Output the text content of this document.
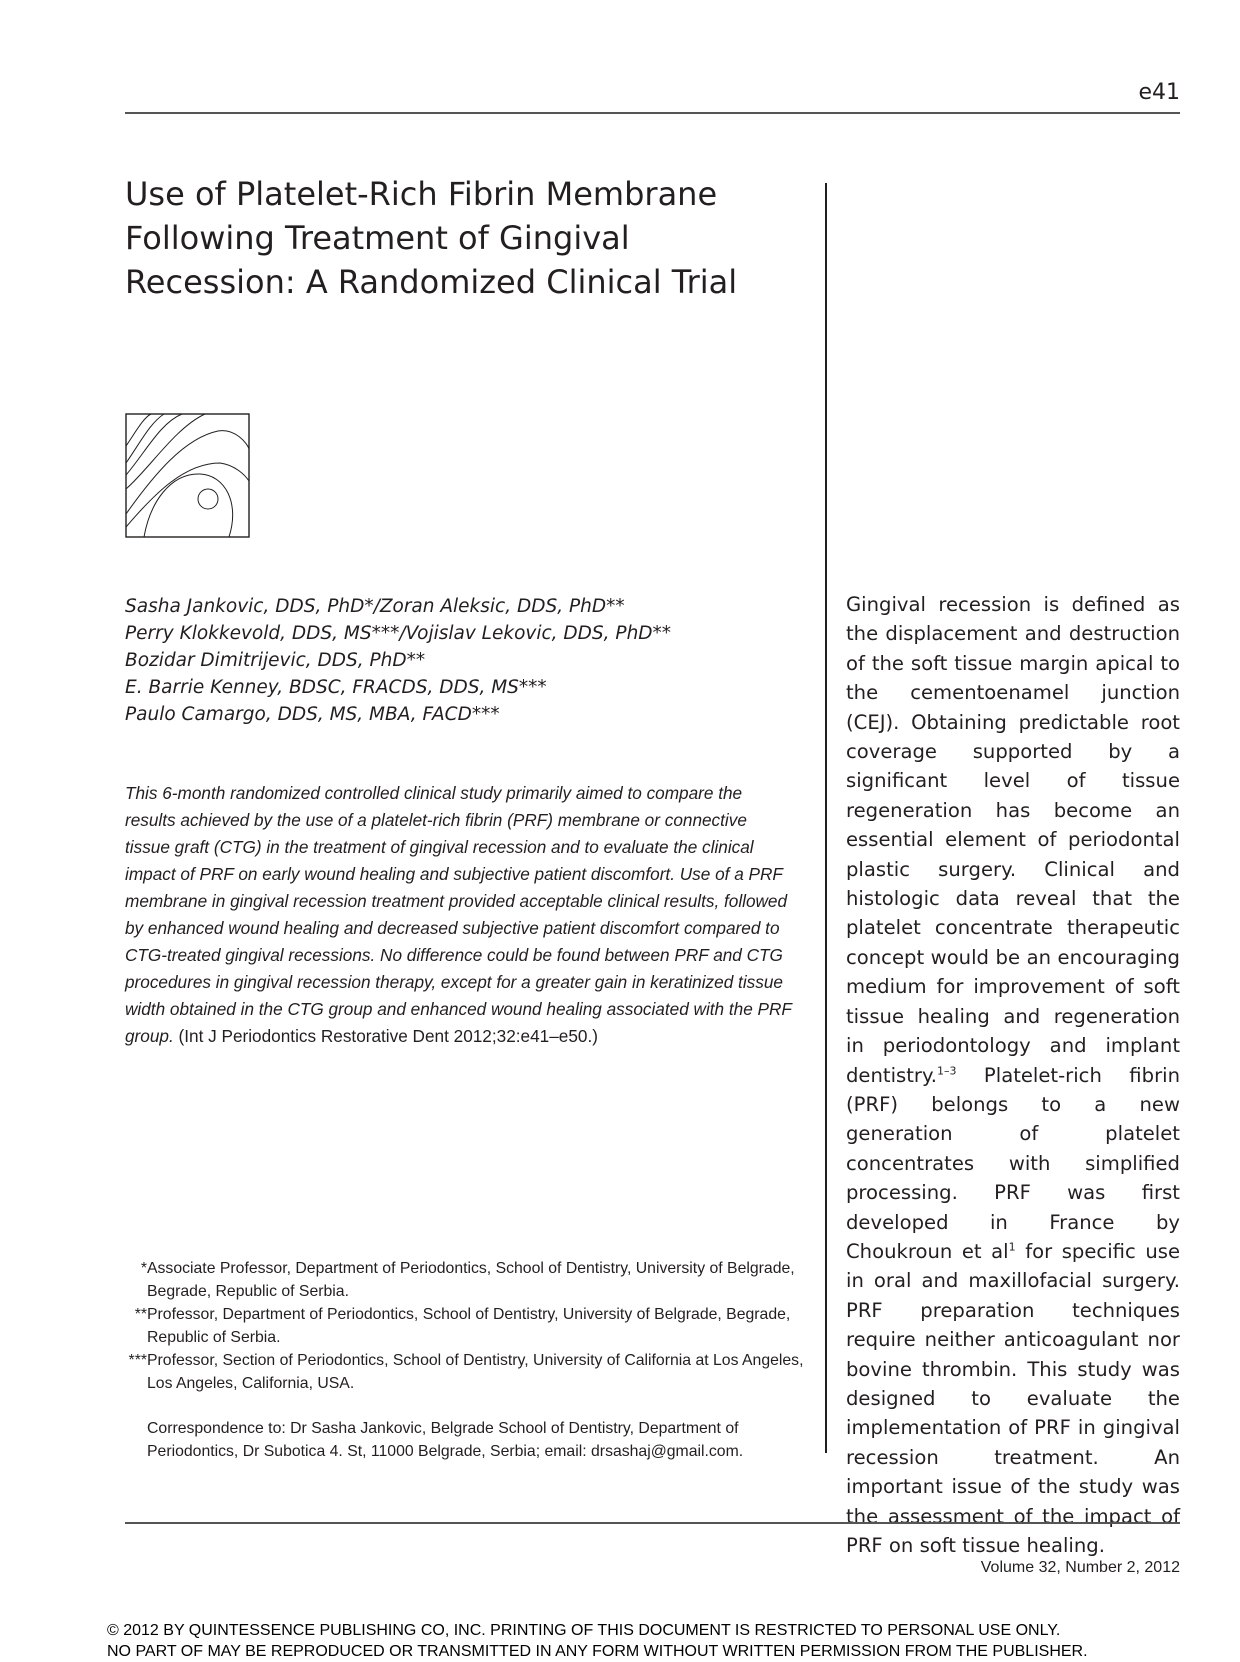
e41
Use of Platelet-Rich Fibrin Membrane
Following Treatment of Gingival
Recession: A Randomized Clinical Trial
Sasha Jankovic, DDS, PhD*/Zoran Aleksic, DDS, PhD**
Perry Klokkevold, DDS, MS***/Vojislav Lekovic, DDS, PhD**
Bozidar Dimitrijevic, DDS, PhD**
E. Barrie Kenney, BDSC, FRACDS, DDS, MS***
Paulo Camargo, DDS, MS, MBA, FACD***
This 6-month randomized controlled clinical study primarily aimed to compare the results achieved by the use of a platelet-rich fibrin (PRF) membrane or connective tissue graft (CTG) in the treatment of gingival recession and to evaluate the clinical impact of PRF on early wound healing and subjective patient discomfort. Use of a PRF membrane in gingival recession treatment provided acceptable clinical results, followed by enhanced wound healing and decreased subjective patient discomfort compared to CTG-treated gingival recessions. No difference could be found between PRF and CTG procedures in gingival recession therapy, except for a greater gain in keratinized tissue width obtained in the CTG group and enhanced wound healing associated with the PRF group. (Int J Periodontics Restorative Dent 2012;32:e41–e50.)
* Associate Professor, Department of Periodontics, School of Dentistry, University of Belgrade, Begrade, Republic of Serbia.
** Professor, Department of Periodontics, School of Dentistry, University of Belgrade, Begrade, Republic of Serbia.
*** Professor, Section of Periodontics, School of Dentistry, University of California at Los Angeles, Los Angeles, California, USA.
Correspondence to: Dr Sasha Jankovic, Belgrade School of Dentistry, Department of Periodontics, Dr Subotica 4. St, 11000 Belgrade, Serbia; email: drsashaj@gmail.com.
Gingival recession is defined as the displacement and destruction of the soft tissue margin apical to the cementoenamel junction (CEJ). Obtaining predictable root coverage supported by a significant level of tissue regeneration has become an essential element of periodontal plastic surgery. Clinical and histologic data reveal that the platelet concentrate therapeutic concept would be an encouraging medium for improvement of soft tissue healing and regeneration in periodontology and implant dentistry.$^{1-3}$ Platelet-rich fibrin (PRF) belongs to a new generation of platelet concentrates with simplified processing. PRF was first developed in France by Choukroun et $al^1$ for specific use in oral and maxillofacial surgery. PRF preparation techniques require neither anticoagulant nor bovine thrombin. This study was designed to evaluate the implementation of PRF in gingival recession treatment. An important issue of the study was the assessment of the impact of PRF on soft tissue healing.
Volume 32, Number 2, 2012
© 2012 BY QUINTESSENCE PUBLISHING CO, INC. PRINTING OF THIS DOCUMENT IS RESTRICTED TO PERSONAL USE ONLY.
NO PART OF MAY BE REPRODUCED OR TRANSMITTED IN ANY FORM WITHOUT WRITTEN PERMISSION FROM THE PUBLISHER.
